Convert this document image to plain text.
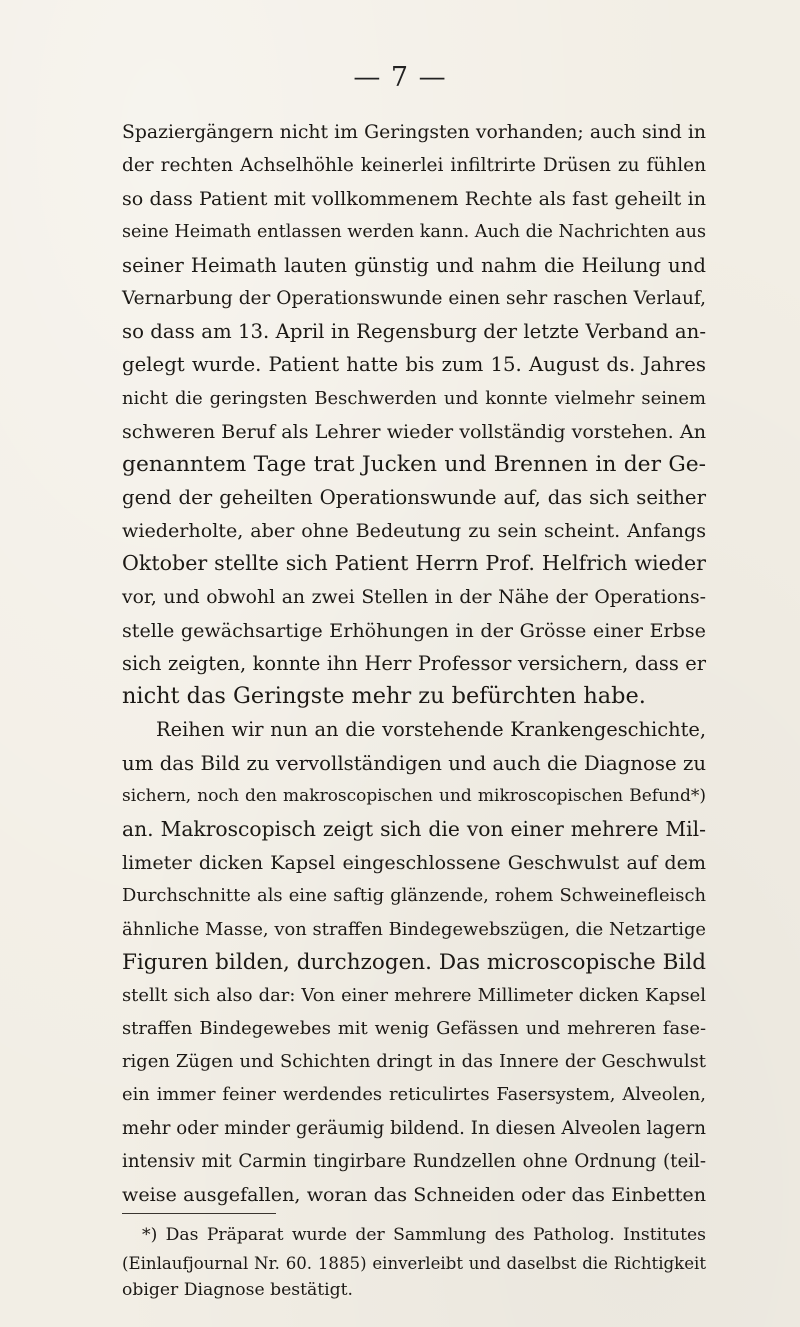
— 7 —
Spaziergängern nicht im Geringsten vorhanden; auch sind in
der rechten Achselhöhle keinerlei infiltrirte Drüsen zu fühlen
so dass Patient mit vollkommenem Rechte als fast geheilt in
seine Heimath entlassen werden kann. Auch die Nachrichten aus
seiner Heimath lauten günstig und nahm die Heilung und
Vernarbung der Operationswunde einen sehr raschen Verlauf,
so dass am 13. April in Regensburg der letzte Verband an-
gelegt wurde. Patient hatte bis zum 15. August ds. Jahres
nicht die geringsten Beschwerden und konnte vielmehr seinem
schweren Beruf als Lehrer wieder vollständig vorstehen. An
genanntem Tage trat Jucken und Brennen in der Ge-
gend der geheilten Operationswunde auf, das sich seither
wiederholte, aber ohne Bedeutung zu sein scheint. Anfangs
Oktober stellte sich Patient Herrn Prof. Helfrich wieder
vor, und obwohl an zwei Stellen in der Nähe der Operations-
stelle gewächsartige Erhöhungen in der Grösse einer Erbse
sich zeigten, konnte ihn Herr Professor versichern, dass er
nicht das Geringste mehr zu befürchten habe.
Reihen wir nun an die vorstehende Krankengeschichte,
um das Bild zu vervollständigen und auch die Diagnose zu
sichern, noch den makroscopischen und mikroscopischen Befund*)
an. Makroscopisch zeigt sich die von einer mehrere Mil-
limeter dicken Kapsel eingeschlossene Geschwulst auf dem
Durchschnitte als eine saftig glänzende, rohem Schweinefleisch
ähnliche Masse, von straffen Bindegewebszügen, die Netzartige
Figuren bilden, durchzogen. Das microscopische Bild
stellt sich also dar: Von einer mehrere Millimeter dicken Kapsel
straffen Bindegewebes mit wenig Gefässen und mehreren fase-
rigen Zügen und Schichten dringt in das Innere der Geschwulst
ein immer feiner werdendes reticulirtes Fasersystem, Alveolen,
mehr oder minder geräumig bildend. In diesen Alveolen lagern
intensiv mit Carmin tingirbare Rundzellen ohne Ordnung (teil-
weise ausgefallen, woran das Schneiden oder das Einbetten
*) Das Präparat wurde der Sammlung des Patholog. Institutes
(Einlaufjournal Nr. 60. 1885) einverleibt und daselbst die Richtigkeit
obiger Diagnose bestätigt.
